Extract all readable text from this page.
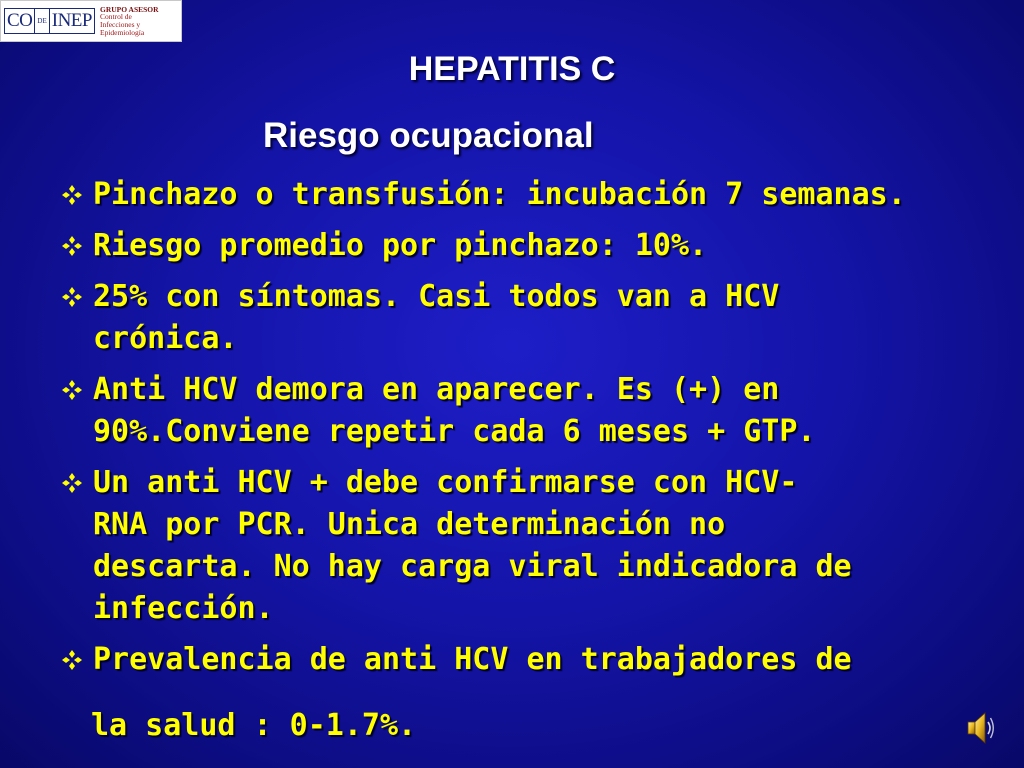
CO DE INEP
GRUPO ASESOR
Control de
Infecciones y
Epidemiología
HEPATITIS C
Riesgo ocupacional
Pinchazo o transfusión: incubación 7 semanas.
Riesgo promedio por pinchazo: 10%.
25% con síntomas. Casi todos van a HCV
crónica.
Anti HCV demora en aparecer. Es (+) en
90%.Conviene repetir cada 6 meses + GTP.
Un anti HCV + debe confirmarse con HCV-
RNA por PCR. Unica determinación no
descarta. No hay carga viral indicadora de
infección.
Prevalencia de anti HCV en trabajadores de
la salud : 0-1.7%.
